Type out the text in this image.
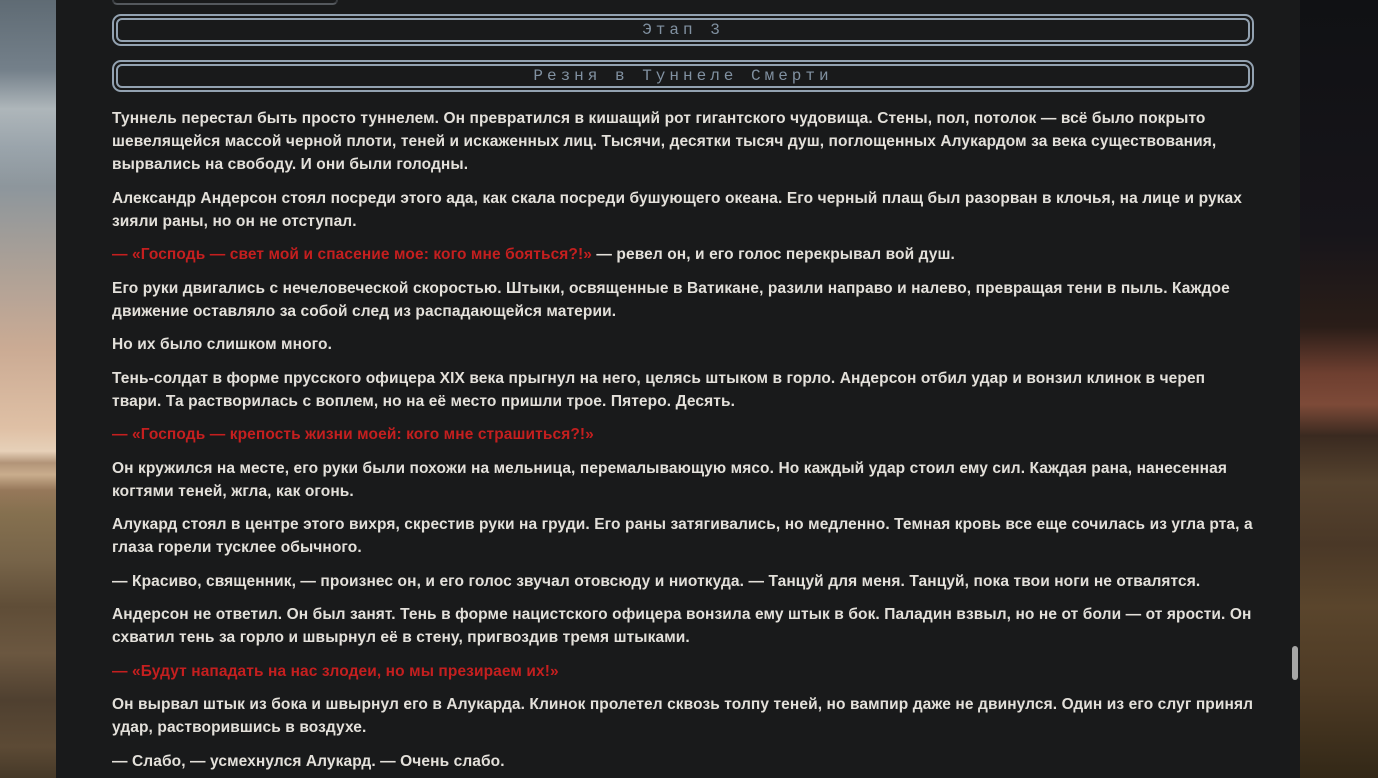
Этап 3
Резня в Туннеле Смерти

Туннель перестал быть просто туннелем. Он превратился в кишащий рот гигантского чудовища. Стены, пол, потолок — всё было покрыто шевелящейся массой черной плоти, теней и искаженных лиц. Тысячи, десятки тысяч душ, поглощенных Алукардом за века существования, вырвались на свободу. И они были голодны.

Александр Андерсон стоял посреди этого ада, как скала посреди бушующего океана. Его черный плащ был разорван в клочья, на лице и руках зияли раны, но он не отступал.

— «Господь — свет мой и спасение мое: кого мне бояться?!» — ревел он, и его голос перекрывал вой душ.

Его руки двигались с нечеловеческой скоростью. Штыки, освященные в Ватикане, разили направо и налево, превращая тени в пыль. Каждое движение оставляло за собой след из распадающейся материи.

Но их было слишком много.

Тень-солдат в форме прусского офицера XIX века прыгнул на него, целясь штыком в горло. Андерсон отбил удар и вонзил клинок в череп твари. Та растворилась с воплем, но на её место пришли трое. Пятеро. Десять.

— «Господь — крепость жизни моей: кого мне страшиться?!»

Он кружился на месте, его руки были похожи на мельница, перемалывающую мясо. Но каждый удар стоил ему сил. Каждая рана, нанесенная когтями теней, жгла, как огонь.

Алукард стоял в центре этого вихря, скрестив руки на груди. Его раны затягивались, но медленно. Темная кровь все еще сочилась из угла рта, а глаза горели тусклее обычного.

— Красиво, священник, — произнес он, и его голос звучал отовсюду и ниоткуда. — Танцуй для меня. Танцуй, пока твои ноги не отвалятся.

Андерсон не ответил. Он был занят. Тень в форме нацистского офицера вонзила ему штык в бок. Паладин взвыл, но не от боли — от ярости. Он схватил тень за горло и швырнул её в стену, пригвоздив тремя штыками.

— «Будут нападать на нас злодеи, но мы презираем их!»

Он вырвал штык из бока и швырнул его в Алукарда. Клинок пролетел сквозь толпу теней, но вампир даже не двинулся. Один из его слуг принял удар, растворившись в воздухе.

— Слабо, — усмехнулся Алукард. — Очень слабо.
